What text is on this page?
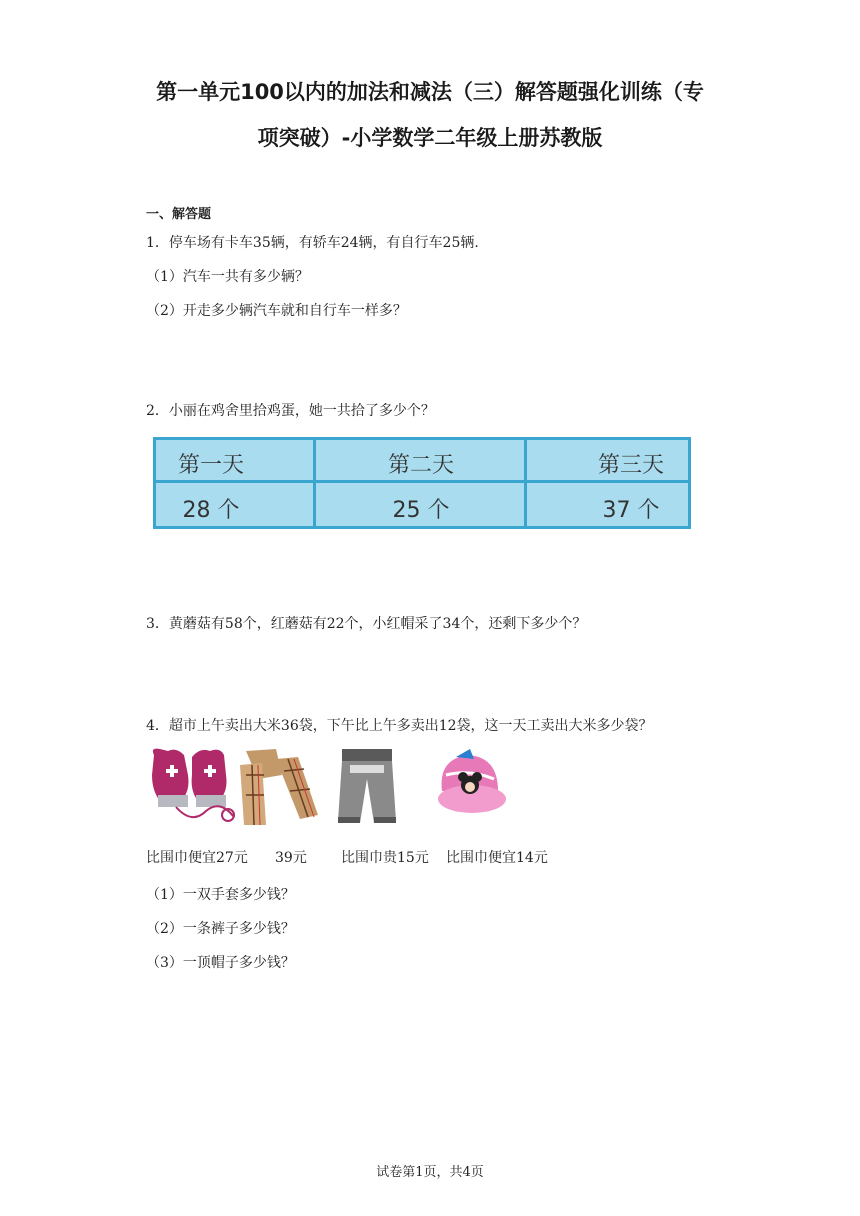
第一单元100以内的加法和减法（三）解答题强化训练（专
项突破）-小学数学二年级上册苏教版
一、解答题
1．停车场有卡车35辆，有轿车24辆，有自行车25辆.
（1）汽车一共有多少辆？
（2）开走多少辆汽车就和自行车一样多？
2．小丽在鸡舍里拾鸡蛋，她一共拾了多少个？
第一天	第二天	第三天
28 个	25 个	37 个
3．黄蘑菇有58个，红蘑菇有22个，小红帽采了34个，还剩下多少个？
4．超市上午卖出大米36袋，下午比上午多卖出12袋，这一天工卖出大米多少袋？
比围巾便宜27元 39元 比围巾贵15元 比围巾便宜14元
（1）一双手套多少钱？
（2）一条裤子多少钱？
（3）一顶帽子多少钱？
试卷第1页，共4页
